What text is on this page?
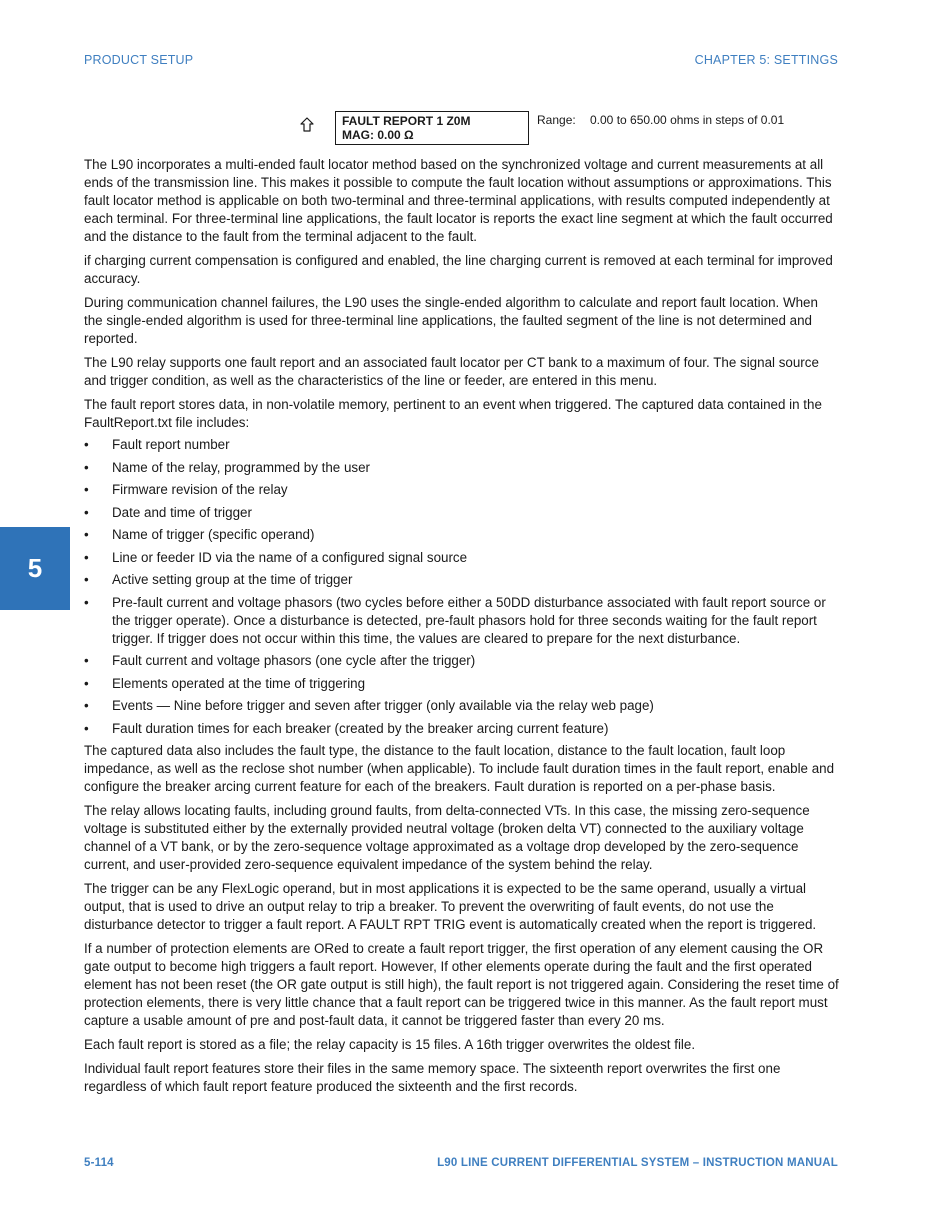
PRODUCT SETUP	CHAPTER 5: SETTINGS
5
FAULT REPORT 1 Z0M
MAG: 0.00 Ω
Range: 0.00 to 650.00 ohms in steps of 0.01

The L90 incorporates a multi-ended fault locator method based on the synchronized voltage and current measurements at all ends of the transmission line. This makes it possible to compute the fault location without assumptions or approximations. This fault locator method is applicable on both two-terminal and three-terminal applications, with results computed independently at each terminal. For three-terminal line applications, the fault locator is reports the exact line segment at which the fault occurred and the distance to the fault from the terminal adjacent to the fault.

if charging current compensation is configured and enabled, the line charging current is removed at each terminal for improved accuracy.

During communication channel failures, the L90 uses the single-ended algorithm to calculate and report fault location. When the single-ended algorithm is used for three-terminal line applications, the faulted segment of the line is not determined and reported.

The L90 relay supports one fault report and an associated fault locator per CT bank to a maximum of four. The signal source and trigger condition, as well as the characteristics of the line or feeder, are entered in this menu.

The fault report stores data, in non-volatile memory, pertinent to an event when triggered. The captured data contained in the FaultReport.txt file includes:

• Fault report number
• Name of the relay, programmed by the user
• Firmware revision of the relay
• Date and time of trigger
• Name of trigger (specific operand)
• Line or feeder ID via the name of a configured signal source
• Active setting group at the time of trigger
• Pre-fault current and voltage phasors (two cycles before either a 50DD disturbance associated with fault report source or the trigger operate). Once a disturbance is detected, pre-fault phasors hold for three seconds waiting for the fault report trigger. If trigger does not occur within this time, the values are cleared to prepare for the next disturbance.
• Fault current and voltage phasors (one cycle after the trigger)
• Elements operated at the time of triggering
• Events — Nine before trigger and seven after trigger (only available via the relay web page)
• Fault duration times for each breaker (created by the breaker arcing current feature)

The captured data also includes the fault type, the distance to the fault location, distance to the fault location, fault loop impedance, as well as the reclose shot number (when applicable). To include fault duration times in the fault report, enable and configure the breaker arcing current feature for each of the breakers. Fault duration is reported on a per-phase basis.

The relay allows locating faults, including ground faults, from delta-connected VTs. In this case, the missing zero-sequence voltage is substituted either by the externally provided neutral voltage (broken delta VT) connected to the auxiliary voltage channel of a VT bank, or by the zero-sequence voltage approximated as a voltage drop developed by the zero-sequence current, and user-provided zero-sequence equivalent impedance of the system behind the relay.

The trigger can be any FlexLogic operand, but in most applications it is expected to be the same operand, usually a virtual output, that is used to drive an output relay to trip a breaker. To prevent the overwriting of fault events, do not use the disturbance detector to trigger a fault report. A FAULT RPT TRIG event is automatically created when the report is triggered.

If a number of protection elements are ORed to create a fault report trigger, the first operation of any element causing the OR gate output to become high triggers a fault report. However, If other elements operate during the fault and the first operated element has not been reset (the OR gate output is still high), the fault report is not triggered again. Considering the reset time of protection elements, there is very little chance that a fault report can be triggered twice in this manner. As the fault report must capture a usable amount of pre and post-fault data, it cannot be triggered faster than every 20 ms.

Each fault report is stored as a file; the relay capacity is 15 files. A 16th trigger overwrites the oldest file.

Individual fault report features store their files in the same memory space. The sixteenth report overwrites the first one regardless of which fault report feature produced the sixteenth and the first records.

5-114	L90 LINE CURRENT DIFFERENTIAL SYSTEM – INSTRUCTION MANUAL
